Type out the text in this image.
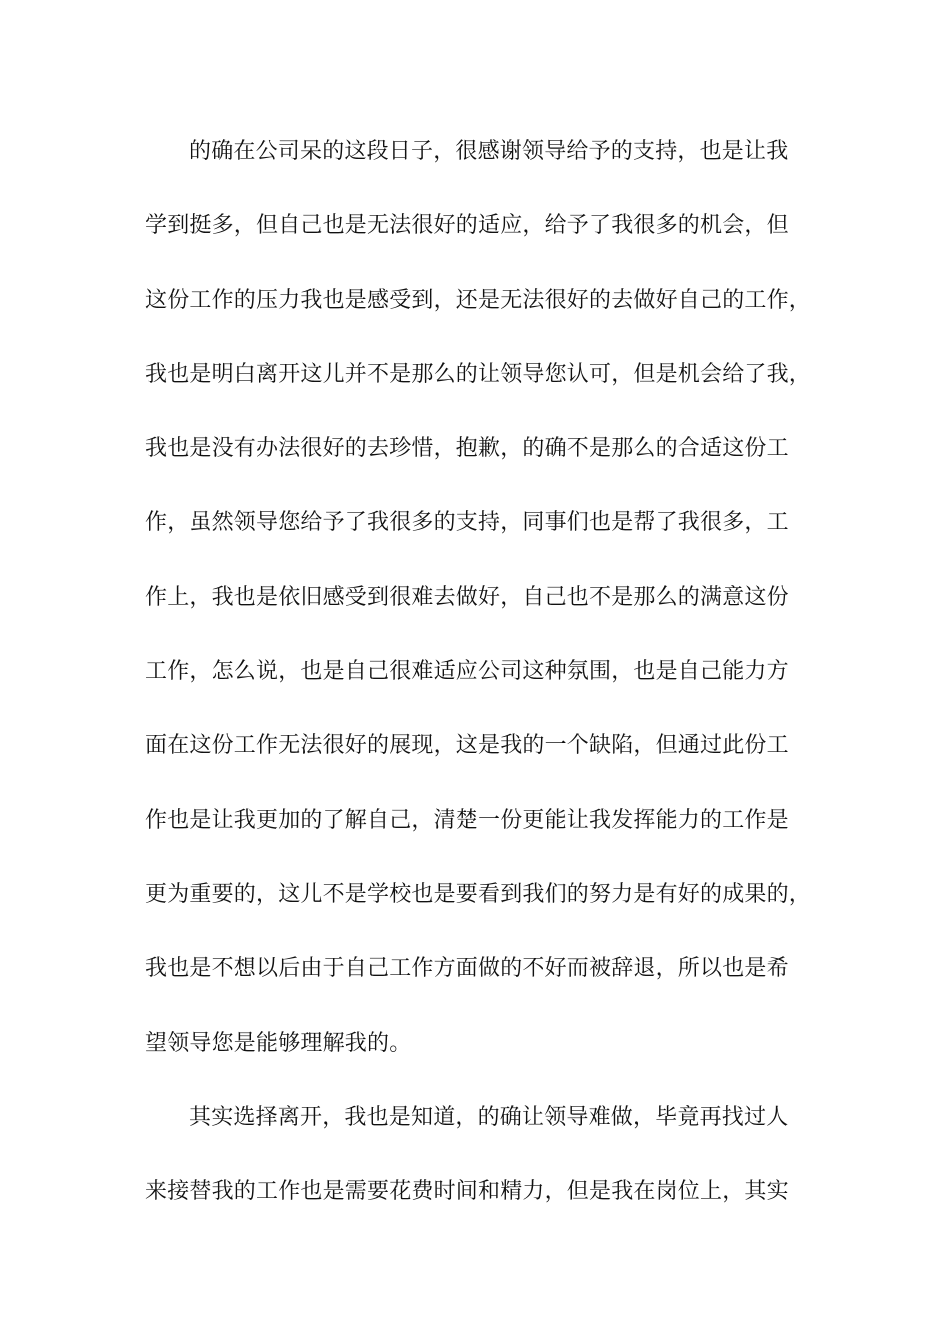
的确在公司呆的这段日子，很感谢领导给予的支持，也是让我
学到挺多，但自己也是无法很好的适应，给予了我很多的机会，但
这份工作的压力我也是感受到，还是无法很好的去做好自己的工作，
我也是明白离开这儿并不是那么的让领导您认可，但是机会给了我，
我也是没有办法很好的去珍惜，抱歉，的确不是那么的合适这份工
作，虽然领导您给予了我很多的支持，同事们也是帮了我很多，工
作上，我也是依旧感受到很难去做好，自己也不是那么的满意这份
工作，怎么说，也是自己很难适应公司这种氛围，也是自己能力方
面在这份工作无法很好的展现，这是我的一个缺陷，但通过此份工
作也是让我更加的了解自己，清楚一份更能让我发挥能力的工作是
更为重要的，这儿不是学校也是要看到我们的努力是有好的成果的，
我也是不想以后由于自己工作方面做的不好而被辞退，所以也是希
望领导您是能够理解我的。
其实选择离开，我也是知道，的确让领导难做，毕竟再找过人
来接替我的工作也是需要花费时间和精力，但是我在岗位上，其实
